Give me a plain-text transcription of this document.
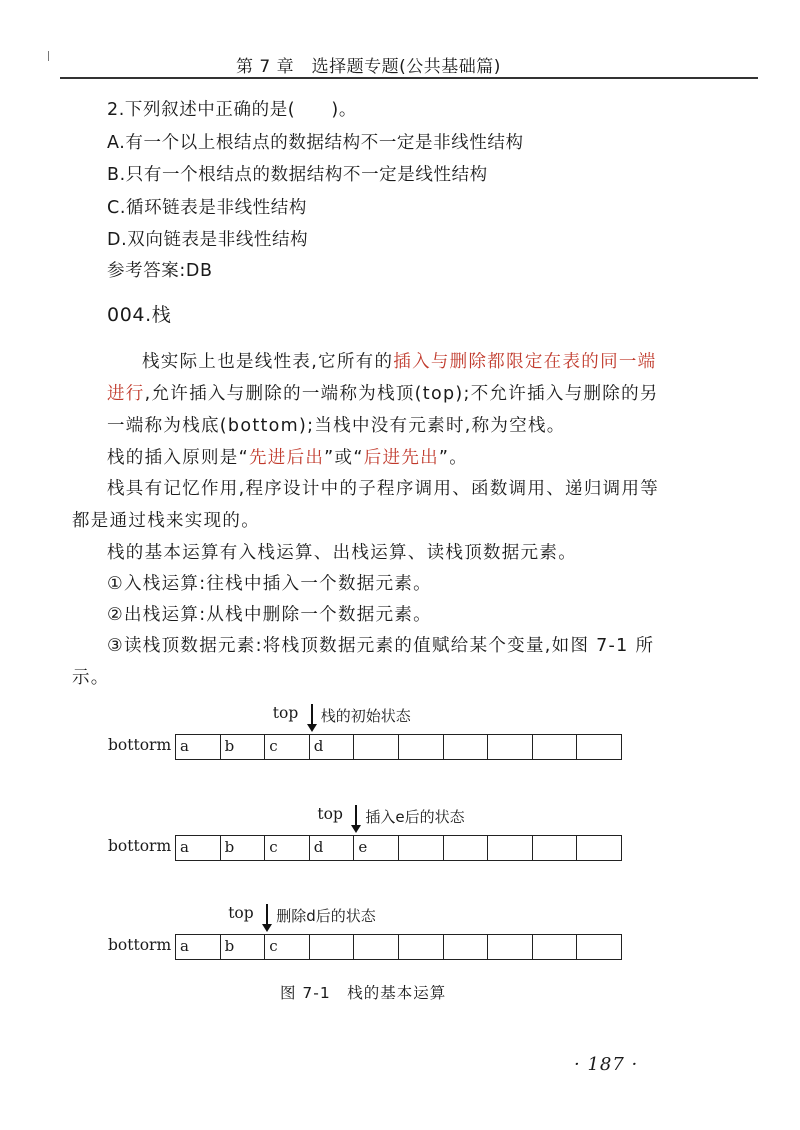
第 7 章　选择题专题(公共基础篇)
2.下列叙述中正确的是(　　)。
A.有一个以上根结点的数据结构不一定是非线性结构
B.只有一个根结点的数据结构不一定是线性结构
C.循环链表是非线性结构
D.双向链表是非线性结构
参考答案:DB
004.栈
栈实际上也是线性表,它所有的插入与删除都限定在表的同一端进行,允许插入与删除的一端称为栈顶(top);不允许插入与删除的另一端称为栈底(bottom);当栈中没有元素时,称为空栈。
栈的插入原则是“先进后出”或“后进先出”。
栈具有记忆作用,程序设计中的子程序调用、函数调用、递归调用等都是通过栈来实现的。
栈的基本运算有入栈运算、出栈运算、读栈顶数据元素。
①入栈运算:往栈中插入一个数据元素。
②出栈运算:从栈中删除一个数据元素。
③读栈顶数据元素:将栈顶数据元素的值赋给某个变量,如图 7-1 所示。
bottorm a	b	c	d
top 栈的初始状态
bottorm a	b	c	d	e
top 插入e后的状态
bottorm a	b	c
top 删除d后的状态
图 7-1　栈的基本运算
· 187 ·
